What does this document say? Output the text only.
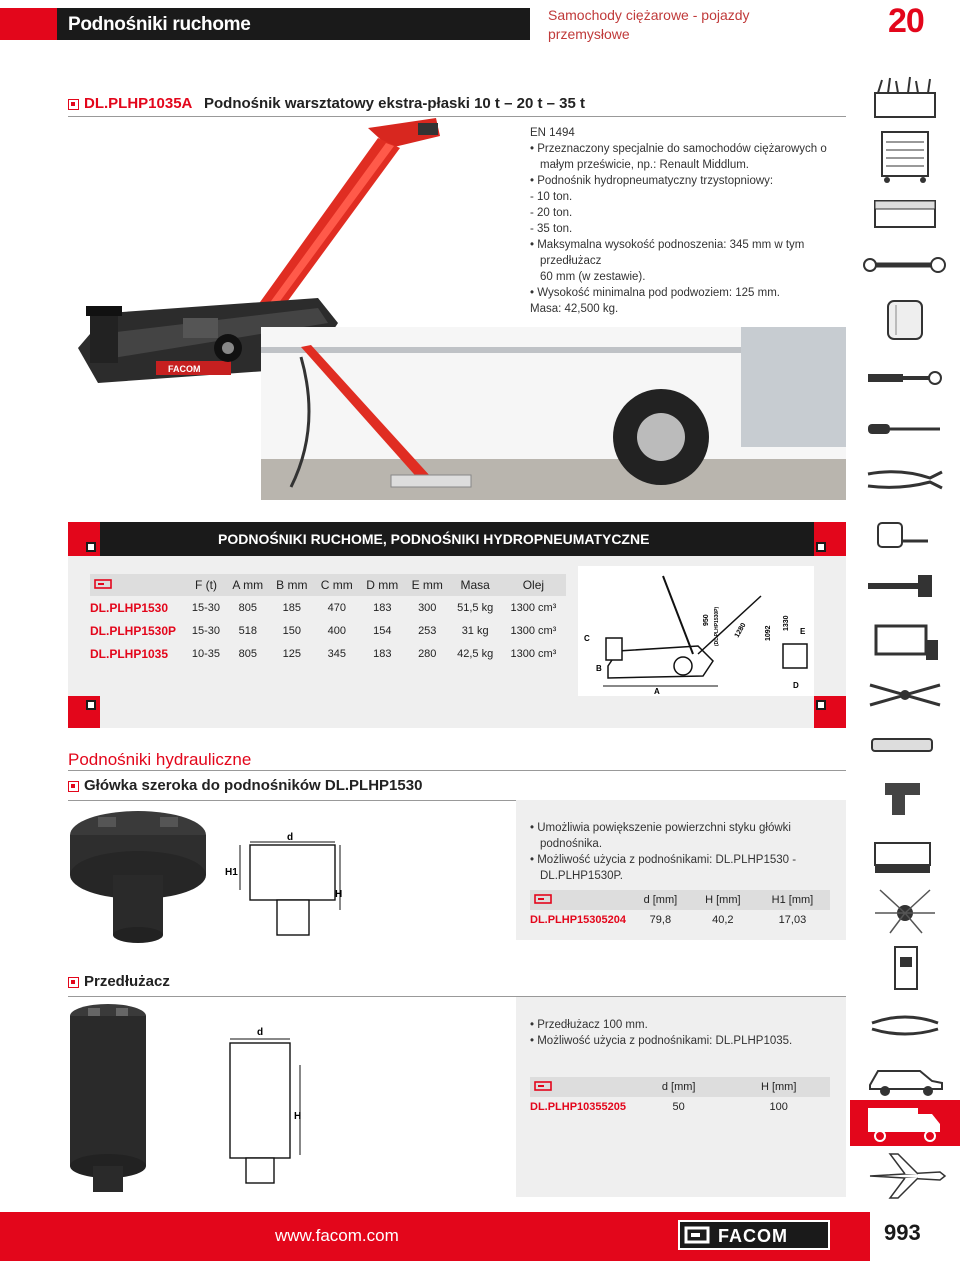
Podnośniki ruchome	Samochody ciężarowe - pojazdy przemysłowe	20
DL.PLHP1035A Podnośnik warsztatowy ekstra-płaski 10 t – 20 t – 35 t
FACOM
EN 1494
• Przeznaczony specjalnie do samochodów ciężarowych o
małym prześwicie, np.: Renault Middlum.
• Podnośnik hydropneumatyczny trzystopniowy:
- 10 ton.
- 20 ton.
- 35 ton.
• Maksymalna wysokość podnoszenia: 345 mm w tym
przedłużacz
60 mm (w zestawie).
• Wysokość minimalna pod podwoziem: 125 mm.
Masa: 42,500 kg.
PODNOŚNIKI RUCHOME, PODNOŚNIKI HYDROPNEUMATYCZNE
	F (t)	A mm	B mm	C mm	D mm	E mm	Masa	Olej
DL.PLHP1530	15-30	805	185	470	183	300	51,5 kg	1300 cm³
DL.PLHP1530P	15-30	518	150	400	154	253	31 kg	1300 cm³
DL.PLHP1035	10-35	805	125	345	183	280	42,5 kg	1300 cm³
A
C
B
E
D
950 (DL.PLHP1530P) 1280 1092
1330
Podnośniki hydrauliczne
Główka szeroka do podnośników DL.PLHP1530
d
H1
H
• Umożliwia powiększenie powierzchni styku główki
podnośnika.
• Możliwość użycia z podnośnikami: DL.PLHP1530 -
DL.PLHP1530P.
	d [mm]	H [mm]	H1 [mm]
DL.PLHP15305204	79,8	40,2	17,03
Przedłużacz
d
H
• Przedłużacz 100 mm.
• Możliwość użycia z podnośnikami: DL.PLHP1035.
	d [mm]	H [mm]
DL.PLHP10355205	50	100
www.facom.com	FACOM	993
